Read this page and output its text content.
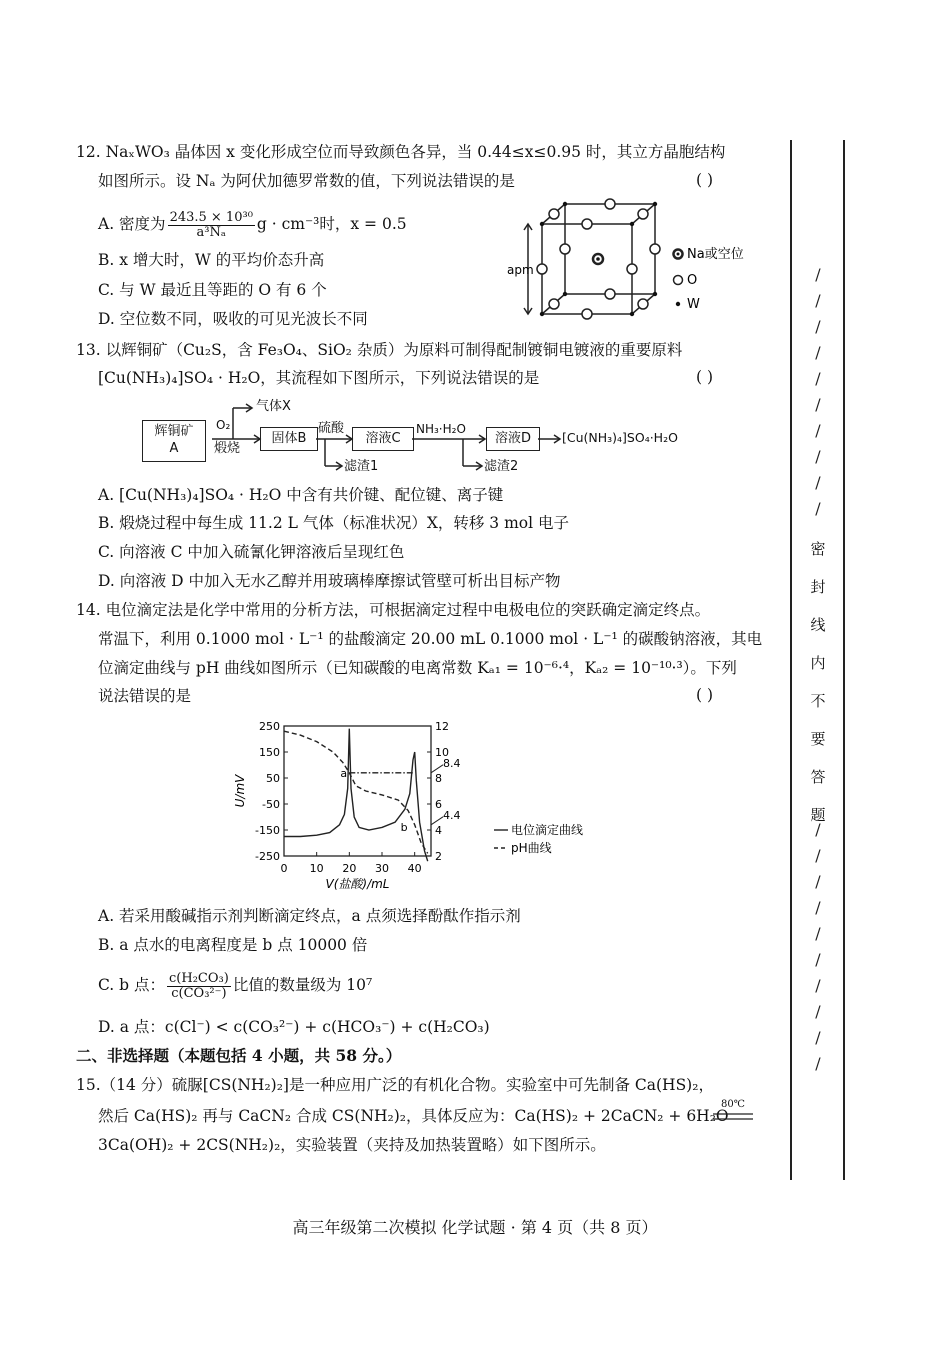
12. NaₓWO₃ 晶体因 x 变化形成空位而导致颜色各异，当 0.44≤x≤0.95 时，其立方晶胞结构
如图所示。设 Nₐ 为阿伏加德罗常数的值，下列说法错误的是	( )
A. 密度为 $\frac{\text{243.5 × 10³⁰}}{\text{a³Nₐ}}$ g · cm⁻³时，x = 0.5
B. x 增大时，W 的平均价态升高
C. 与 W 最近且等距的 O 有 6 个
D. 空位数不同，吸收的可见光波长不同
apm
Na或空位
O
W
13. 以辉铜矿（Cu₂S，含 Fe₃O₄、SiO₂ 杂质）为原料可制得配制镀铜电镀液的重要原料
[Cu(NH₃)₄]SO₄ · H₂O，其流程如下图所示，下列说法错误的是	( )
辉铜矿
A
O₂
煅烧
气体X
固体B
硫酸
溶液C
滤渣1
NH₃·H₂O
溶液D
滤渣2
[Cu(NH₃)₄]SO₄·H₂O
A. [Cu(NH₃)₄]SO₄ · H₂O 中含有共价键、配位键、离子键
B. 煅烧过程中每生成 11.2 L 气体（标准状况）X，转移 3 mol 电子
C. 向溶液 C 中加入硫氰化钾溶液后呈现红色
D. 向溶液 D 中加入无水乙醇并用玻璃棒摩擦试管壁可析出目标产物
14. 电位滴定法是化学中常用的分析方法，可根据滴定过程中电极电位的突跃确定滴定终点。
常温下，利用 0.1000 mol · L⁻¹ 的盐酸滴定 20.00 mL 0.1000 mol · L⁻¹ 的碳酸钠溶液，其电
位滴定曲线与 pH 曲线如图所示（已知碳酸的电离常数 Kₐ₁ = 10⁻⁶·⁴，Kₐ₂ = 10⁻¹⁰·³）。下列
说法错误的是	( )
250
150
50
-50
-150
-250
12
10
8
6
4
2
0 10 20 30 40
V(盐酸)/mL
U/mV
8.4
4.4
a
b	电位滴定曲线
pH曲线
A. 若采用酸碱指示剂判断滴定终点，a 点须选择酚酞作指示剂
B. a 点水的电离程度是 b 点 10000 倍
C. b 点： $\frac{\text{c(H₂CO₃)}}{\text{c(CO₃²⁻)}}$ 比值的数量级为 10⁷
D. a 点：c(Cl⁻) < c(CO₃²⁻) + c(HCO₃⁻) + c(H₂CO₃)
二、非选择题（本题包括 4 小题，共 58 分。）
15.（14 分）硫脲[CS(NH₂)₂]是一种应用广泛的有机化合物。实验室中可先制备 Ca(HS)₂，
然后 Ca(HS)₂ 再与 CaCN₂ 合成 CS(NH₂)₂，具体反应为：Ca(HS)₂ + 2CaCN₂ + 6H₂O
80℃
3Ca(OH)₂ + 2CS(NH₂)₂，实验装置（夹持及加热装置略）如下图所示。
高三年级第二次模拟 化学试题 · 第 4 页（共 8 页）
/
/
/
/
/
/
/
/
/
/
密
封
线
内
不
要
答
题
/
/
/
/
/
/
/
/
/
/
